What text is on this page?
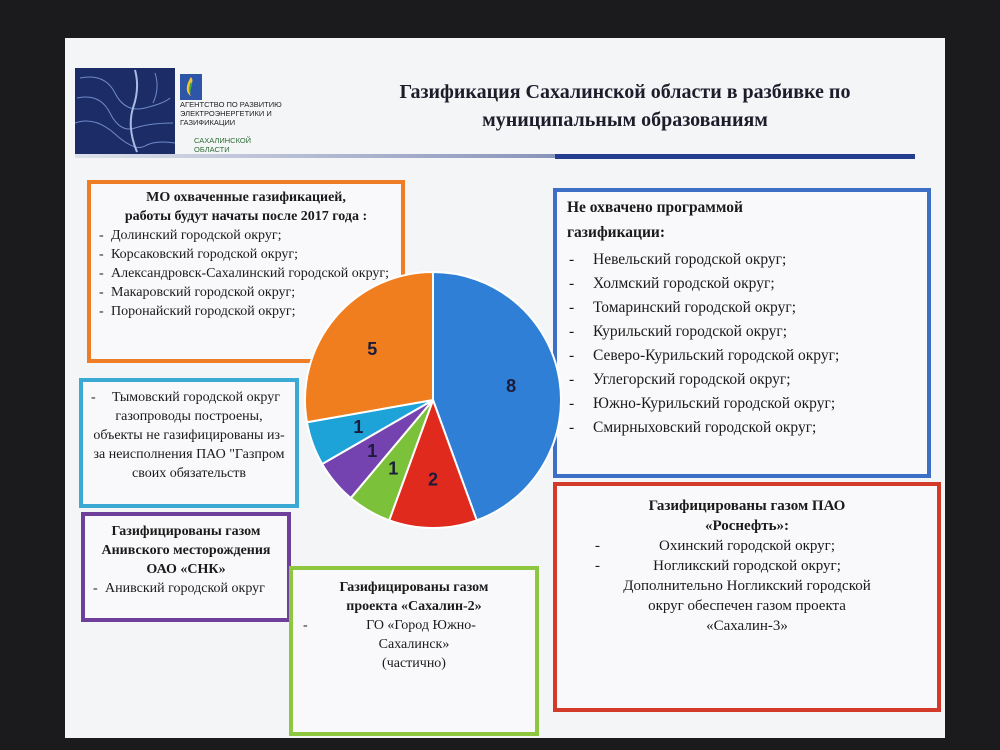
АГЕНТСТВО ПО РАЗВИТИЮ
ЭЛЕКТРОЭНЕРГЕТИКИ И
ГАЗИФИКАЦИИ
САХАЛИНСКОЙ
ОБЛАСТИ
Газификация Сахалинской области в разбивке по
муниципальным образованиям
МО охваченные газификацией,
работы будут начаты после 2017 года :
- Долинский городской округ;
- Корсаковский городской округ;
- Александровск-Сахалинский городской округ;
- Макаровский городской округ;
- Поронайский городской округ;
Не охвачено программой
газификации:
- Невельский городской округ;
- Холмский городской округ;
- Томаринский городской округ;
- Курильский городской округ;
- Северо-Курильский городской округ;
- Углегорский городской округ;
- Южно-Курильский городской округ;
- Смирныховский городской округ;
- Тымовский городской округ
газопроводы построены,
объекты не газифицированы из-
за неисполнения ПАО "Газпром
своих обязательств
Газифицированы газом
Анивского месторождения
ОАО «СНК»
- Анивский городской округ	Газифицированы газом
проекта «Сахалин-2»
- ГО «Город Южно-
Сахалинск»
(частично)
Газифицированы газом ПАО
«Роснефть»:
- Охинский городской округ;
- Ногликский городской округ;
Дополнительно Ногликский городской
округ обеспечен газом проекта
«Сахалин-3»
8
2
1
1
1
5
